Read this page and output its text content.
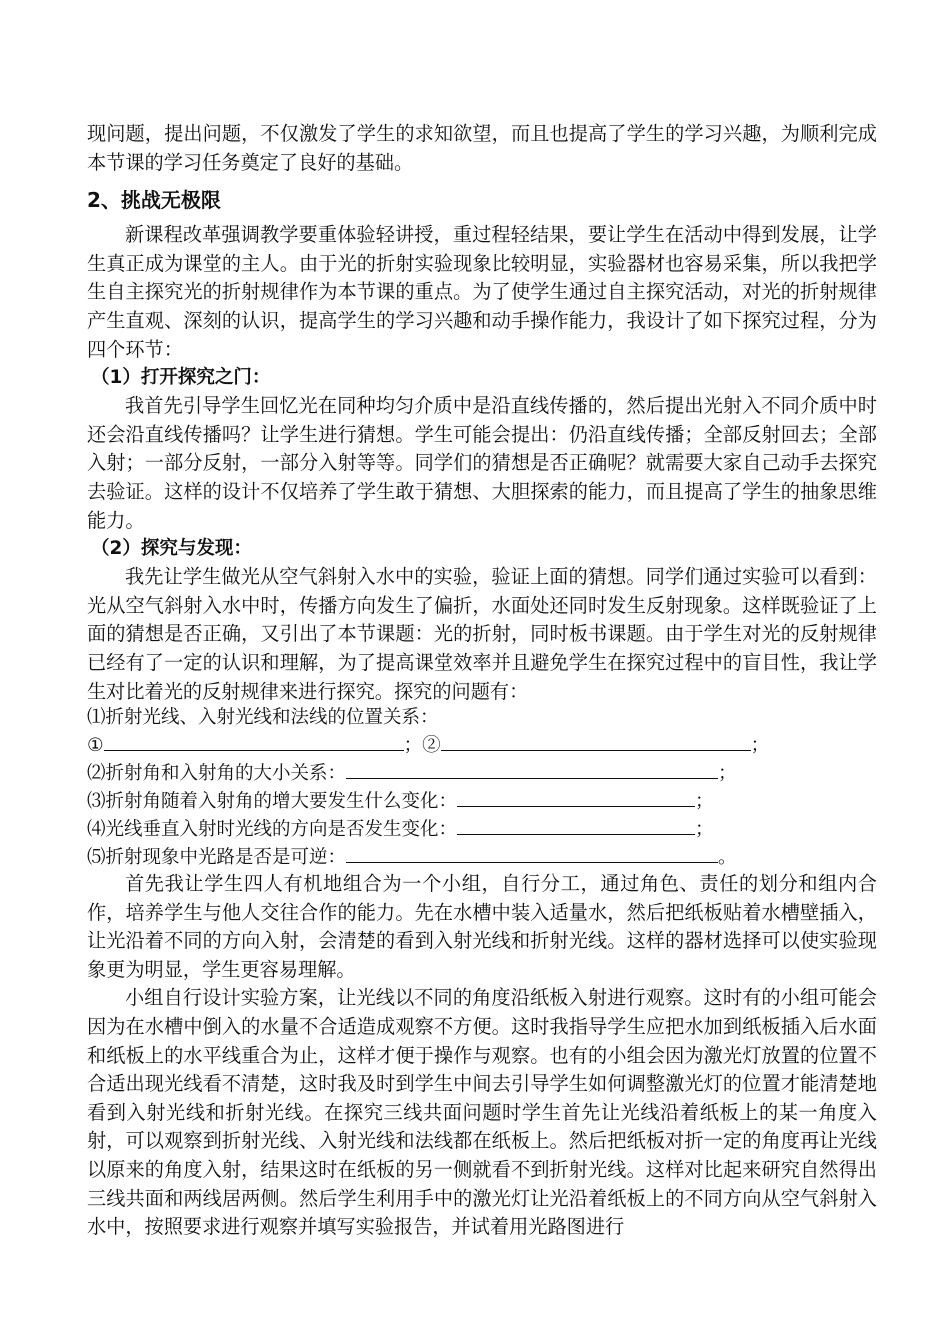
现问题，提出问题，不仅激发了学生的求知欲望，而且也提高了学生的学习兴趣，为顺利完成本节课的学习任务奠定了良好的基础。

2、挑战无极限

新课程改革强调教学要重体验轻讲授，重过程轻结果，要让学生在活动中得到发展，让学生真正成为课堂的主人。由于光的折射实验现象比较明显，实验器材也容易采集，所以我把学生自主探究光的折射规律作为本节课的重点。为了使学生通过自主探究活动，对光的折射规律产生直观、深刻的认识，提高学生的学习兴趣和动手操作能力，我设计了如下探究过程，分为四个环节：

（1）打开探究之门：

我首先引导学生回忆光在同种均匀介质中是沿直线传播的，然后提出光射入不同介质中时还会沿直线传播吗？让学生进行猜想。学生可能会提出：仍沿直线传播；全部反射回去；全部入射；一部分反射，一部分入射等等。同学们的猜想是否正确呢？就需要大家自己动手去探究去验证。这样的设计不仅培养了学生敢于猜想、大胆探索的能力，而且提高了学生的抽象思维能力。

（2）探究与发现：

我先让学生做光从空气斜射入水中的实验，验证上面的猜想。同学们通过实验可以看到：光从空气斜射入水中时，传播方向发生了偏折，水面处还同时发生反射现象。这样既验证了上面的猜想是否正确，又引出了本节课题：光的折射，同时板书课题。由于学生对光的反射规律已经有了一定的认识和理解，为了提高课堂效率并且避免学生在探究过程中的盲目性，我让学生对比着光的反射规律来进行探究。探究的问题有：

⑴折射光线、入射光线和法线的位置关系：
①	；②	；
⑵折射角和入射角的大小关系：	；
⑶折射角随着入射角的增大要发生什么变化：	；
⑷光线垂直入射时光线的方向是否发生变化：	；
⑸折射现象中光路是否是可逆：	。

首先我让学生四人有机地组合为一个小组，自行分工，通过角色、责任的划分和组内合作，培养学生与他人交往合作的能力。先在水槽中装入适量水，然后把纸板贴着水槽壁插入，让光沿着不同的方向入射，会清楚的看到入射光线和折射光线。这样的器材选择可以使实验现象更为明显，学生更容易理解。

小组自行设计实验方案，让光线以不同的角度沿纸板入射进行观察。这时有的小组可能会因为在水槽中倒入的水量不合适造成观察不方便。这时我指导学生应把水加到纸板插入后水面和纸板上的水平线重合为止，这样才便于操作与观察。也有的小组会因为激光灯放置的位置不合适出现光线看不清楚，这时我及时到学生中间去引导学生如何调整激光灯的位置才能清楚地看到入射光线和折射光线。在探究三线共面问题时学生首先让光线沿着纸板上的某一角度入射，可以观察到折射光线、入射光线和法线都在纸板上。然后把纸板对折一定的角度再让光线以原来的角度入射，结果这时在纸板的另一侧就看不到折射光线。这样对比起来研究自然得出三线共面和两线居两侧。然后学生利用手中的激光灯让光沿着纸板上的不同方向从空气斜射入水中，按照要求进行观察并填写实验报告，并试着用光路图进行
